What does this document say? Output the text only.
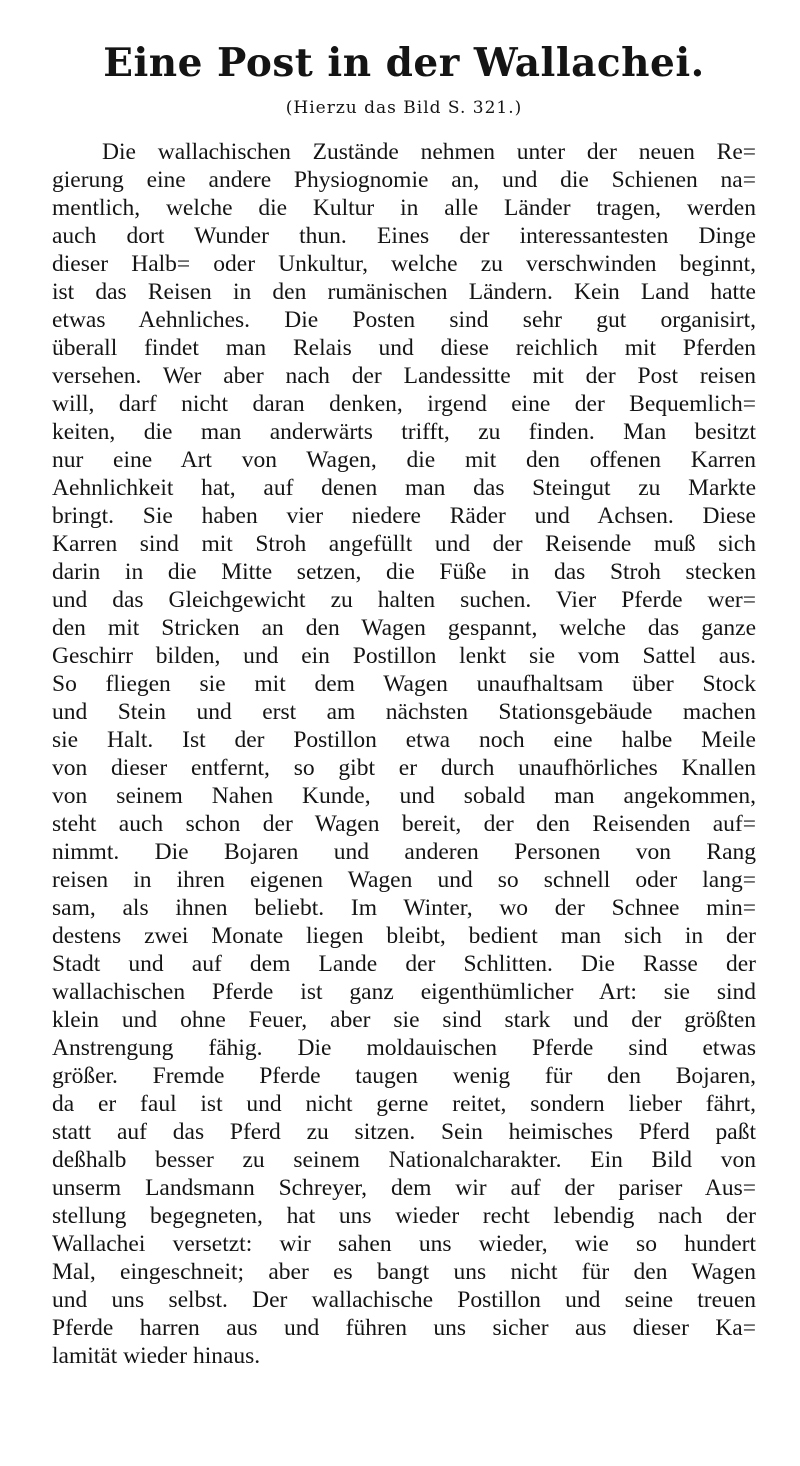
Eine Post in der Wallachei.
(Hierzu das Bild S. 321.)
Die wallachischen Zustände nehmen unter der neuen Re=
gierung eine andere Physiognomie an, und die Schienen na=
mentlich, welche die Kultur in alle Länder tragen, werden
auch dort Wunder thun. Eines der interessantesten Dinge
dieser Halb= oder Unkultur, welche zu verschwinden beginnt,
ist das Reisen in den rumänischen Ländern. Kein Land hatte
etwas Aehnliches. Die Posten sind sehr gut organisirt,
überall findet man Relais und diese reichlich mit Pferden
versehen. Wer aber nach der Landessitte mit der Post reisen
will, darf nicht daran denken, irgend eine der Bequemlich=
keiten, die man anderwärts trifft, zu finden. Man besitzt
nur eine Art von Wagen, die mit den offenen Karren
Aehnlichkeit hat, auf denen man das Steingut zu Markte
bringt. Sie haben vier niedere Räder und Achsen. Diese
Karren sind mit Stroh angefüllt und der Reisende muß sich
darin in die Mitte setzen, die Füße in das Stroh stecken
und das Gleichgewicht zu halten suchen. Vier Pferde wer=
den mit Stricken an den Wagen gespannt, welche das ganze
Geschirr bilden, und ein Postillon lenkt sie vom Sattel aus.
So fliegen sie mit dem Wagen unaufhaltsam über Stock
und Stein und erst am nächsten Stationsgebäude machen
sie Halt. Ist der Postillon etwa noch eine halbe Meile
von dieser entfernt, so gibt er durch unaufhörliches Knallen
von seinem Nahen Kunde, und sobald man angekommen,
steht auch schon der Wagen bereit, der den Reisenden auf=
nimmt. Die Bojaren und anderen Personen von Rang
reisen in ihren eigenen Wagen und so schnell oder lang=
sam, als ihnen beliebt. Im Winter, wo der Schnee min=
destens zwei Monate liegen bleibt, bedient man sich in der
Stadt und auf dem Lande der Schlitten. Die Rasse der
wallachischen Pferde ist ganz eigenthümlicher Art: sie sind
klein und ohne Feuer, aber sie sind stark und der größten
Anstrengung fähig. Die moldauischen Pferde sind etwas
größer. Fremde Pferde taugen wenig für den Bojaren,
da er faul ist und nicht gerne reitet, sondern lieber fährt,
statt auf das Pferd zu sitzen. Sein heimisches Pferd paßt
deßhalb besser zu seinem Nationalcharakter. Ein Bild von
unserm Landsmann Schreyer, dem wir auf der pariser Aus=
stellung begegneten, hat uns wieder recht lebendig nach der
Wallachei versetzt: wir sahen uns wieder, wie so hundert
Mal, eingeschneit; aber es bangt uns nicht für den Wagen
und uns selbst. Der wallachische Postillon und seine treuen
Pferde harren aus und führen uns sicher aus dieser Ka=
lamität wieder hinaus.
